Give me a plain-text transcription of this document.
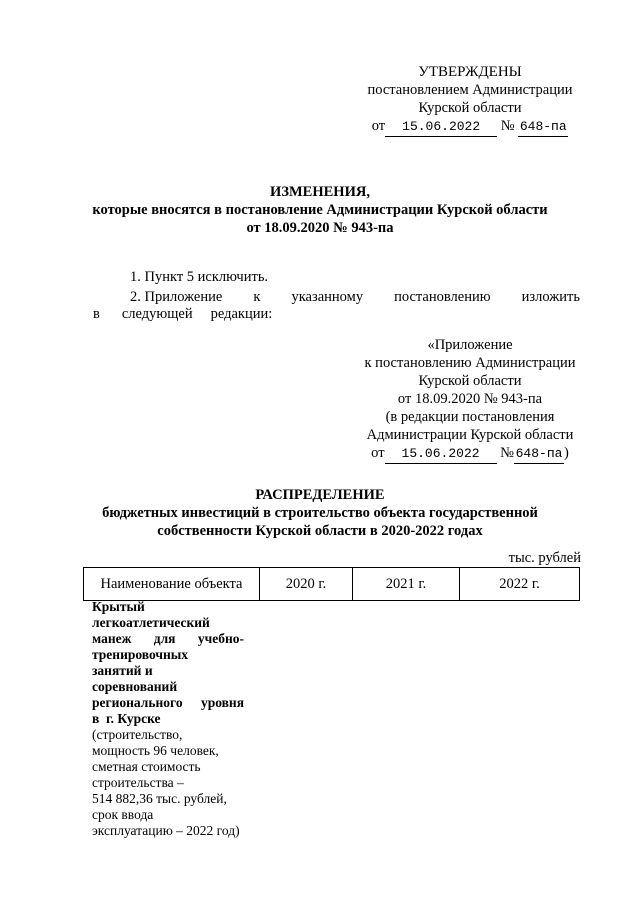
УТВЕРЖДЕНЫ
постановлением Администрации
Курской области
от 15.06.2022 № 648-па
ИЗМЕНЕНИЯ,
которые вносятся в постановление Администрации Курской области
от 18.09.2020 № 943-па
1. Пункт 5 исключить.
2. Приложение к указанному постановлению изложить
в следующей редакции:
«Приложение
к постановлению Администрации
Курской области
от 18.09.2020 № 943-па
(в редакции постановления
Администрации Курской области
от 15.06.2022 № 648-па )
РАСПРЕДЕЛЕНИЕ
бюджетных инвестиций в строительство объекта государственной
собственности Курской области в 2020-2022 годах
тыс. рублей
Наименование объекта	2020 г.	2021 г.	2022 г.
Крытый
легкоатлетический
манеж для учебно-
тренировочных
занятий и
соревнований
регионального уровня
в  г. Курске
(строительство,
мощность 96 человек,
сметная стоимость
строительства –
514 882,36 тыс. рублей,
срок ввода
эксплуатацию – 2022 год)
